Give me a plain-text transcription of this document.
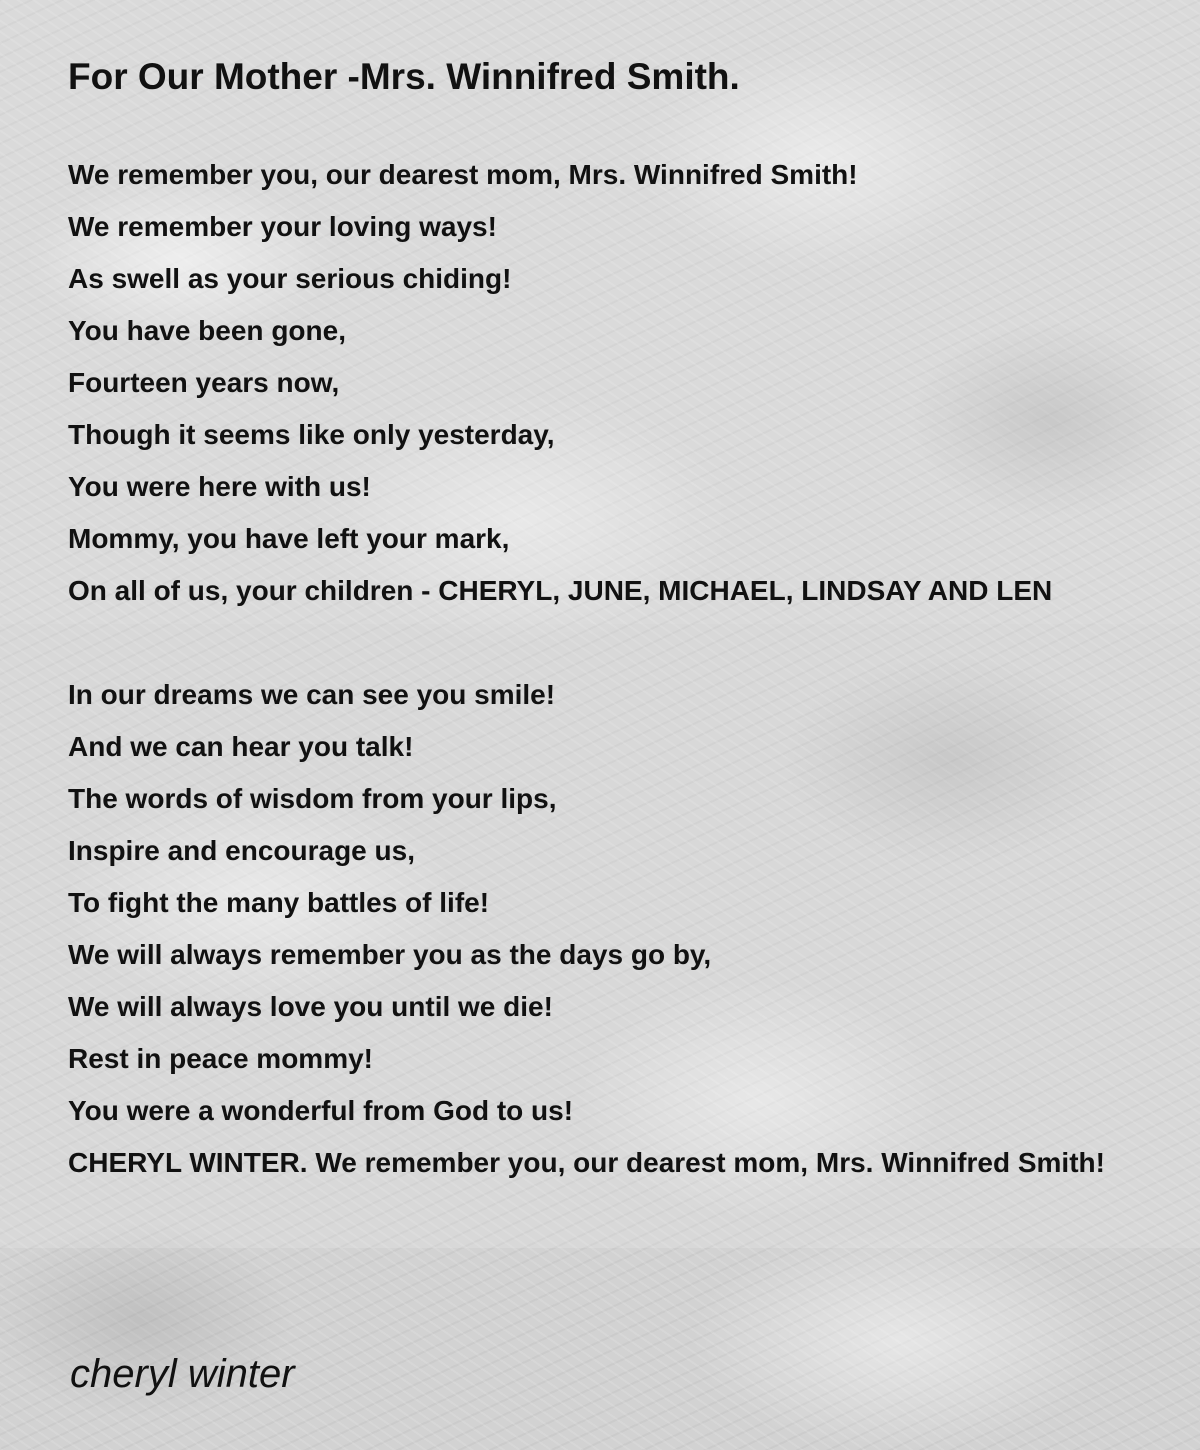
For Our Mother -Mrs. Winnifred Smith.
We remember you, our dearest mom, Mrs. Winnifred Smith!
We remember your loving ways!
As swell as your serious chiding!
You have been gone,
Fourteen years now,
Though it seems like only yesterday,
You were here with us!
Mommy, you have left your mark,
On all of us, your children - CHERYL, JUNE, MICHAEL, LINDSAY AND LEN
In our dreams we can see you smile!
And we can hear you talk!
The words of wisdom from your lips,
Inspire and encourage us,
To fight the many battles of life!
We will always remember you as the days go by,
We will always love you until we die!
Rest in peace mommy!
You were a wonderful from God to us!
CHERYL WINTER. We remember you, our dearest mom, Mrs. Winnifred Smith!

cheryl winter
